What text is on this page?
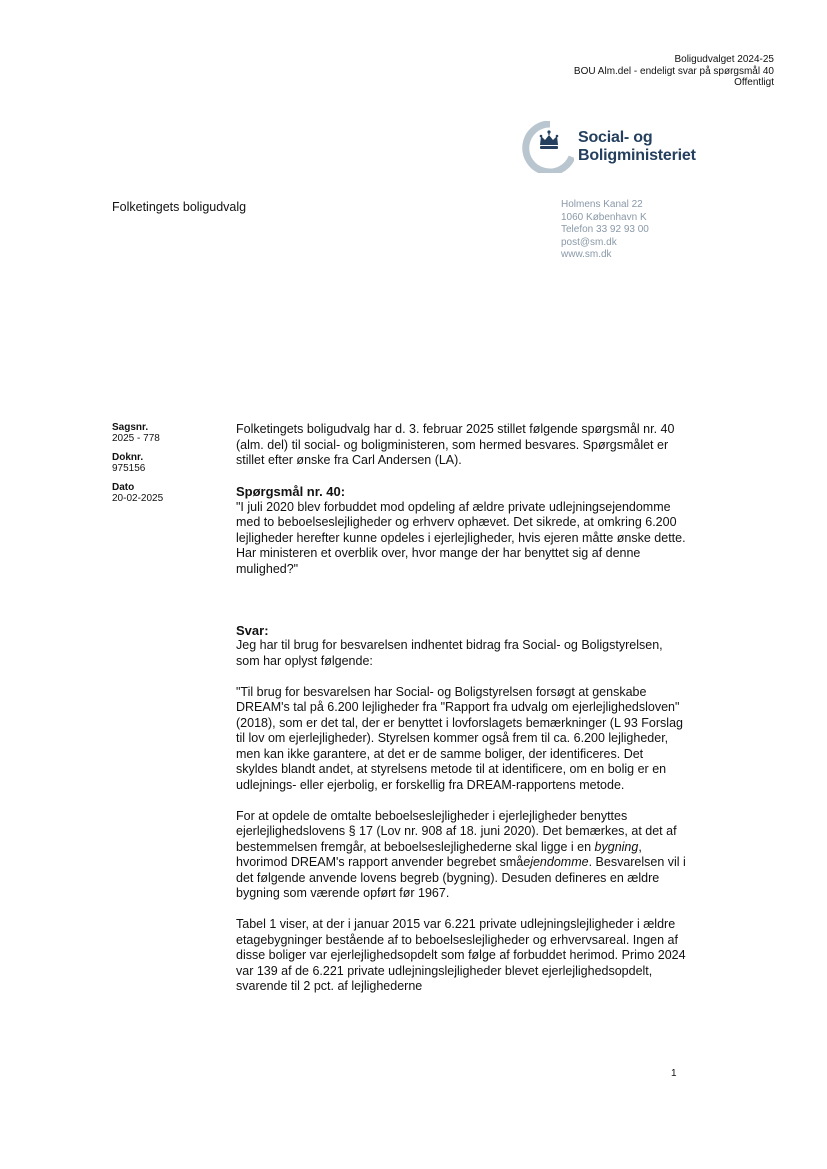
Boligudvalget 2024-25
BOU Alm.del - endeligt svar på spørgsmål 40
Offentligt
Social- og
Boligministeriet
Folketingets boligudvalg	Holmens Kanal 22
1060 København K
Telefon 33 92 93 00
post@sm.dk
www.sm.dk
Sagsnr.
2025 - 778
Doknr.
975156
Dato
20-02-2025

Folketingets boligudvalg har d. 3. februar 2025 stillet følgende spørgsmål nr. 40 (alm. del) til social- og boligministeren, som hermed besvares. Spørgsmålet er stillet efter ønske fra Carl Andersen (LA).

Spørgsmål nr. 40:

"I juli 2020 blev forbuddet mod opdeling af ældre private udlejningsejendomme med to beboelseslejligheder og erhverv ophævet. Det sikrede, at omkring 6.200 lejligheder herefter kunne opdeles i ejerlejligheder, hvis ejeren måtte ønske dette. Har ministeren et overblik over, hvor mange der har benyttet sig af denne mulighed?"

Svar:

Jeg har til brug for besvarelsen indhentet bidrag fra Social- og Boligstyrelsen, som har oplyst følgende:

"Til brug for besvarelsen har Social- og Boligstyrelsen forsøgt at genskabe DREAM's tal på 6.200 lejligheder fra "Rapport fra udvalg om ejerlejlighedsloven" (2018), som er det tal, der er benyttet i lovforslagets bemærkninger (L 93 Forslag til lov om ejerlejligheder). Styrelsen kommer også frem til ca. 6.200 lejligheder, men kan ikke garantere, at det er de samme boliger, der identificeres. Det skyldes blandt andet, at styrelsens metode til at identificere, om en bolig er en udlejnings- eller ejerbolig, er forskellig fra DREAM-rapportens metode.

For at opdele de omtalte beboelseslejligheder i ejerlejligheder benyttes ejerlejlighedslovens § 17 (Lov nr. 908 af 18. juni 2020). Det bemærkes, at det af bestemmelsen fremgår, at beboelseslejlighederne skal ligge i en bygning, hvorimod DREAM's rapport anvender begrebet småejendomme. Besvarelsen vil i det følgende anvende lovens begreb (bygning). Desuden defineres en ældre bygning som værende opført før 1967.

Tabel 1 viser, at der i januar 2015 var 6.221 private udlejningslejligheder i ældre etagebygninger bestående af to beboelseslejligheder og erhvervsareal. Ingen af disse boliger var ejerlejlighedsopdelt som følge af forbuddet herimod. Primo 2024 var 139 af de 6.221 private udlejningslejligheder blevet ejerlejlighedsopdelt, svarende til 2 pct. af lejlighederne

1
